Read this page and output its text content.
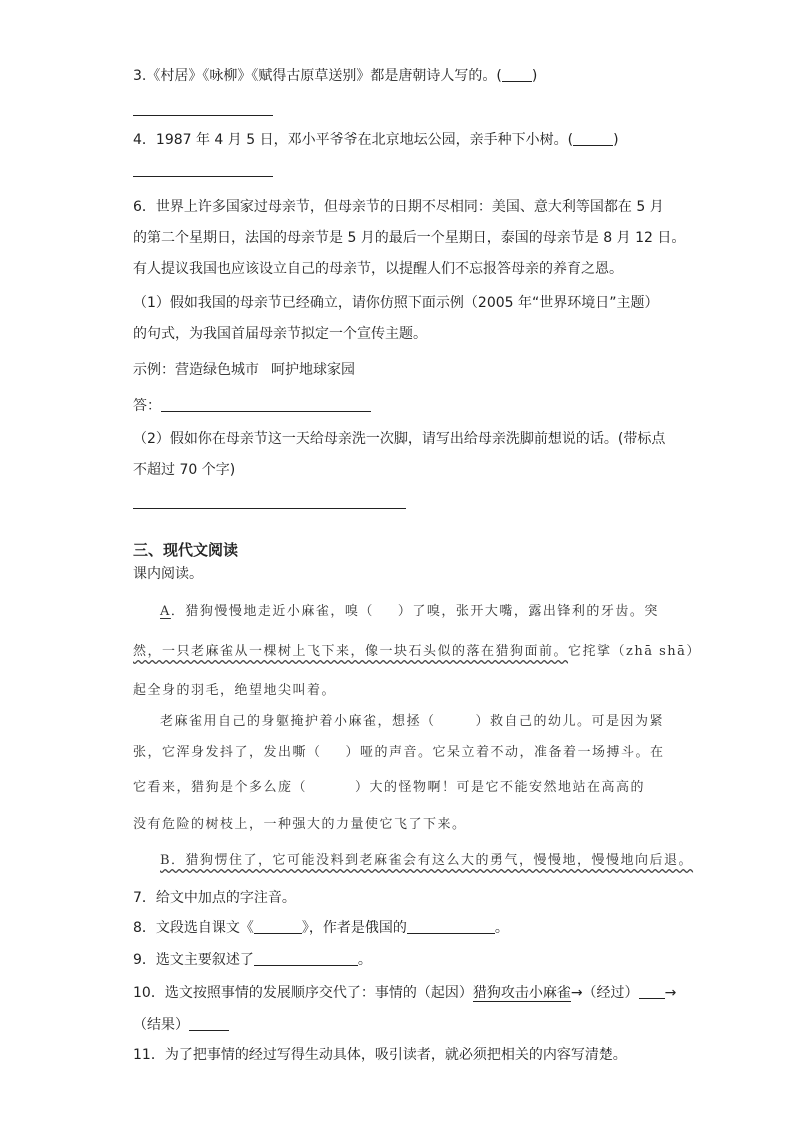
3.《村居》《咏柳》《赋得古原草送别》都是唐朝诗人写的。( )
4．1987 年 4 月 5 日，邓小平爷爷在北京地坛公园，亲手种下小树。(	)
6．世界上许多国家过母亲节，但母亲节的日期不尽相同：美国、意大利等国都在 5 月
的第二个星期日，法国的母亲节是 5 月的最后一个星期日，泰国的母亲节是 8 月 12 日。
有人提议我国也应该设立自己的母亲节，以提醒人们不忘报答母亲的养育之恩。
（1）假如我国的母亲节已经确立，请你仿照下面示例（2005 年“世界环境日”主题）
的句式，为我国首届母亲节拟定一个宣传主题。
示例：营造绿色城市 呵护地球家园
答：
（2）假如你在母亲节这一天给母亲洗一次脚，请写出给母亲洗脚前想说的话。(带标点
不超过 70 个字)
三、现代文阅读
课内阅读。
A．猎狗慢慢地走近小麻雀，嗅（ ）了嗅，张开大嘴，露出锋利的牙齿。突
然，一只老麻雀从一棵树上飞下来，像一块石头似的落在猎狗面前。它挓挲（zhā shā）
起全身的羽毛，绝望地尖叫着。
老麻雀用自己的身躯掩护着小麻雀，想拯（	）救自己的幼儿。可是因为紧
张，它浑身发抖了，发出嘶（ ）哑的声音。它呆立着不动，准备着一场搏斗。在
它看来，猎狗是个多么庞（	）大的怪物啊！可是它不能安然地站在高高的
没有危险的树枝上，一种强大的力量使它飞了下来。
B．猎狗愣住了，它可能没料到老麻雀会有这么大的勇气，慢慢地，慢慢地向后退。
7．给文中加点的字注音。
8．文段选自课文《	》，作者是俄国的	。
9．选文主要叙述了	。
10．选文按照事情的发展顺序交代了：事情的（起因）猎狗攻击小麻雀→（经过） →
（结果）
11．为了把事情的经过写得生动具体，吸引读者，就必须把相关的内容写清楚。
